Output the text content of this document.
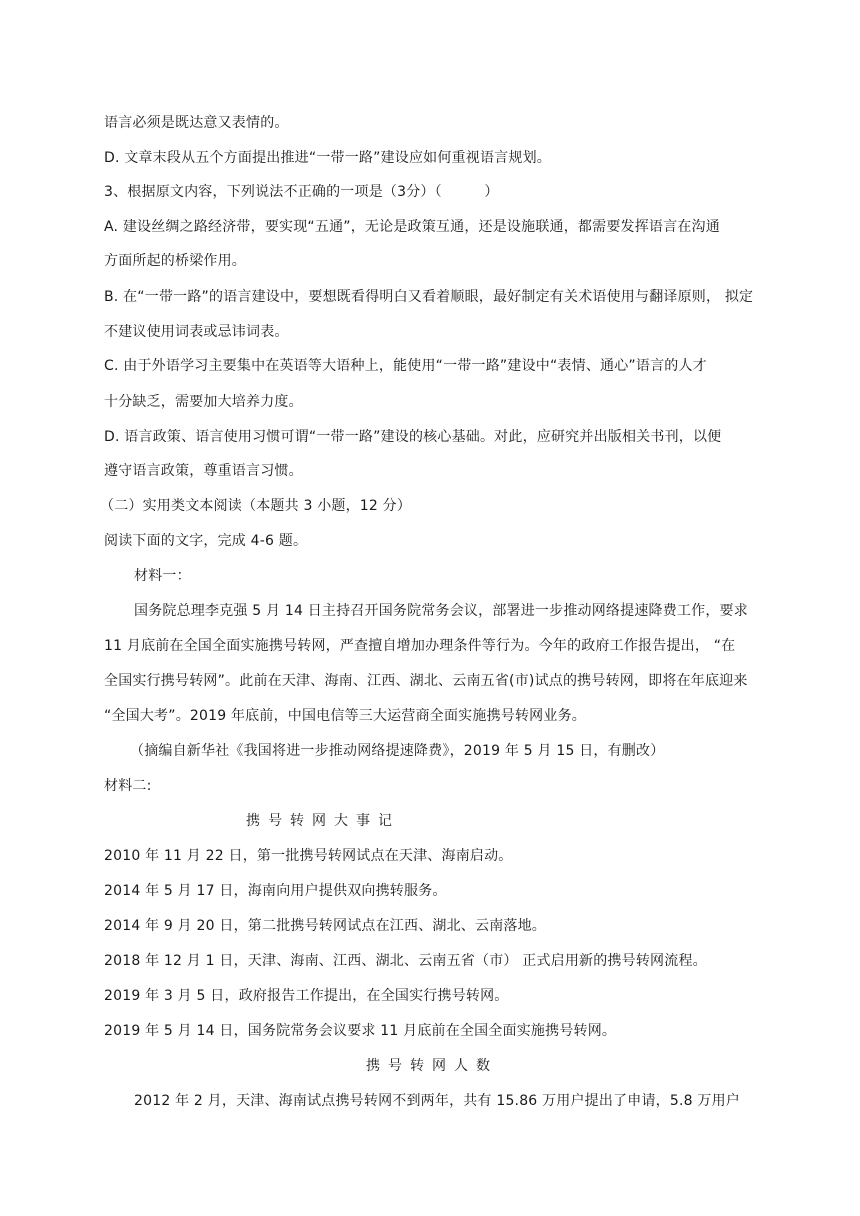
语言必须是既达意又表情的。
D. 文章末段从五个方面提出推进“一带一路”建设应如何重视语言规划。
3、根据原文内容，下列说法不正确的一项是（3分）（　　　）
A. 建设丝绸之路经济带，要实现“五通”，无论是政策互通，还是设施联通，都需要发挥语言在沟通
方面所起的桥梁作用。
B. 在“一带一路”的语言建设中，要想既看得明白又看着顺眼，最好制定有关术语使用与翻译原则， 拟定
不建议使用词表或忌讳词表。
C. 由于外语学习主要集中在英语等大语种上，能使用“一带一路”建设中“表情、通心”语言的人才
十分缺乏，需要加大培养力度。
D. 语言政策、语言使用习惯可谓“一带一路”建设的核心基础。对此，应研究并出版相关书刊，以便
遵守语言政策，尊重语言习惯。
（二）实用类文本阅读（本题共 3 小题，12 分）
阅读下面的文字，完成 4-6 题。
材料一：
国务院总理李克强 5 月 14 日主持召开国务院常务会议，部署进一步推动网络提速降费工作，要求
11 月底前在全国全面实施携号转网，严查擅自增加办理条件等行为。今年的政府工作报告提出， “在
全国实行携号转网”。此前在天津、海南、江西、湖北、云南五省(市)试点的携号转网，即将在年底迎来
“全国大考”。2019 年底前，中国电信等三大运营商全面实施携号转网业务。
（摘编自新华社《我国将进一步推动网络提速降费》，2019 年 5 月 15 日，有删改）
材料二:
携号转网大事记
2010 年 11 月 22 日，第一批携号转网试点在天津、海南启动。
2014 年 5 月 17 日，海南向用户提供双向携转服务。
2014 年 9 月 20 日，第二批携号转网试点在江西、湖北、云南落地。
2018 年 12 月 1 日，天津、海南、江西、湖北、云南五省（市） 正式启用新的携号转网流程。
2019 年 3 月 5 日，政府报告工作提出，在全国实行携号转网。
2019 年 5 月 14 日，国务院常务会议要求 11 月底前在全国全面实施携号转网。
携号转网人数
2012 年 2 月，天津、海南试点携号转网不到两年，共有 15.86 万用户提出了申请，5.8 万用户
